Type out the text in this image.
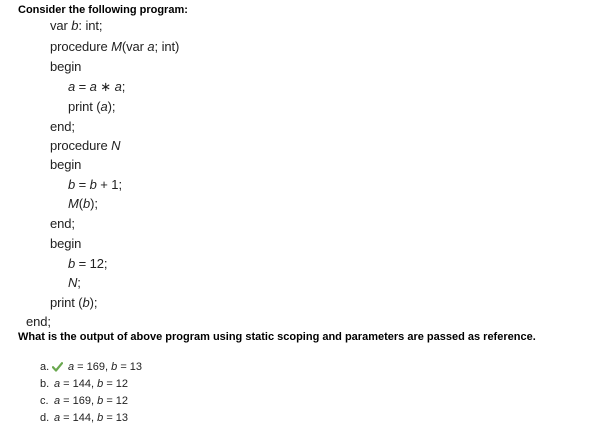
Consider the following program:
var b: int;
procedure M(var a; int)
begin
a = a ∗ a;
print (a);
end;
procedure N
begin
b = b + 1;
M(b);
end;
begin
b = 12;
N;
print (b);
end;
What is the output of above program using static scoping and parameters are passed as reference.
a. a = 169, b = 13
b. a = 144, b = 12
c. a = 169, b = 12
d. a = 144, b = 13
